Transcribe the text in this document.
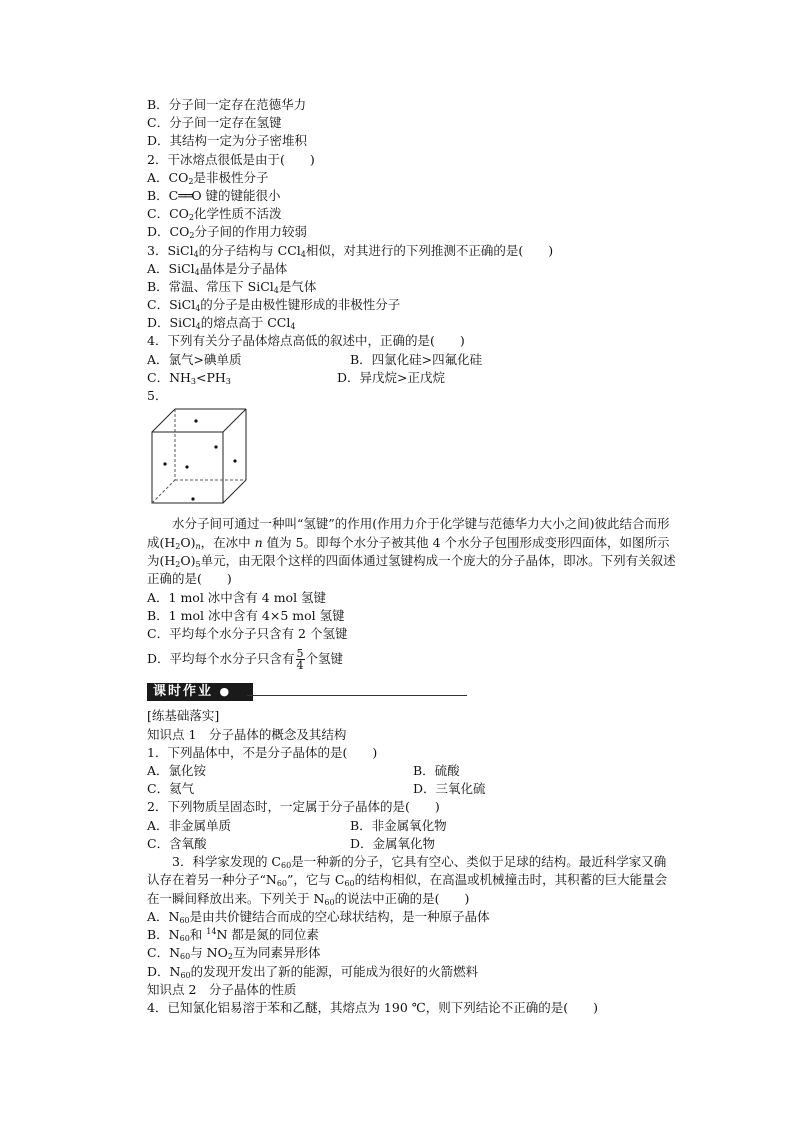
B．分子间一定存在范德华力
C．分子间一定存在氢键
D．其结构一定为分子密堆积
2．干冰熔点很低是由于(　　)
A．$CO_2$是非极性分子
B．C══O 键的键能很小
C．$CO_2$化学性质不活泼
D．$CO_2$分子间的作用力较弱
3．SiCl$_4$的分子结构与 CCl$_4$相似，对其进行的下列推测不正确的是(　　)
A．SiCl$_4$晶体是分子晶体
B．常温、常压下 SiCl$_4$是气体
C．SiCl$_4$的分子是由极性键形成的非极性分子
D．SiCl$_4$的熔点高于 CCl$_4$
4．下列有关分子晶体熔点高低的叙述中，正确的是(　　)
A．氯气>碘单质	B．四氯化硅>四氟化硅
C．$NH_3<PH_3$	D．异戊烷>正戊烷
5．
水分子间可通过一种叫“氢键”的作用(作用力介于化学键与范德华力大小之间)彼此结合而形成$(H_2O)_n$，在冰中 n 值为 5。即每个水分子被其他 4 个水分子包围形成变形四面体，如图所示为$(H_2O)_5$单元，由无限个这样的四面体通过氢键构成一个庞大的分子晶体，即冰。下列有关叙述正确的是(　　)
A．1 mol 冰中含有 4 mol 氢键
B．1 mol 冰中含有 4×5 mol 氢键
C．平均每个水分子只含有 2 个氢键
D．平均每个水分子只含有 $\frac{5}{4}$ 个氢键
课时作业 ●
[练基础落实]
知识点 1　分子晶体的概念及其结构
1．下列晶体中，不是分子晶体的是(　　)
A．氯化铵	B．硫酸
C．氦气	D．三氧化硫
2．下列物质呈固态时，一定属于分子晶体的是(　　)
A．非金属单质	B．非金属氧化物
C．含氧酸	D．金属氧化物
3．科学家发现的 $C_{60}$是一种新的分子，它具有空心、类似于足球的结构。最近科学家又确认存在着另一种分子“$N_{60}$”，它与 $C_{60}$的结构相似，在高温或机械撞击时，其积蓄的巨大能量会在一瞬间释放出来。下列关于 $N_{60}$的说法中正确的是(　　)
A．$N_{60}$是由共价键结合而成的空心球状结构，是一种原子晶体
B．$N_{60}$和 $^{14}$N 都是氮的同位素
C．$N_{60}$与 $NO_2$互为同素异形体
D．$N_{60}$的发现开发出了新的能源，可能成为很好的火箭燃料
知识点 2　分子晶体的性质
4．已知氯化铝易溶于苯和乙醚，其熔点为 190 ℃，则下列结论不正确的是(　　)
